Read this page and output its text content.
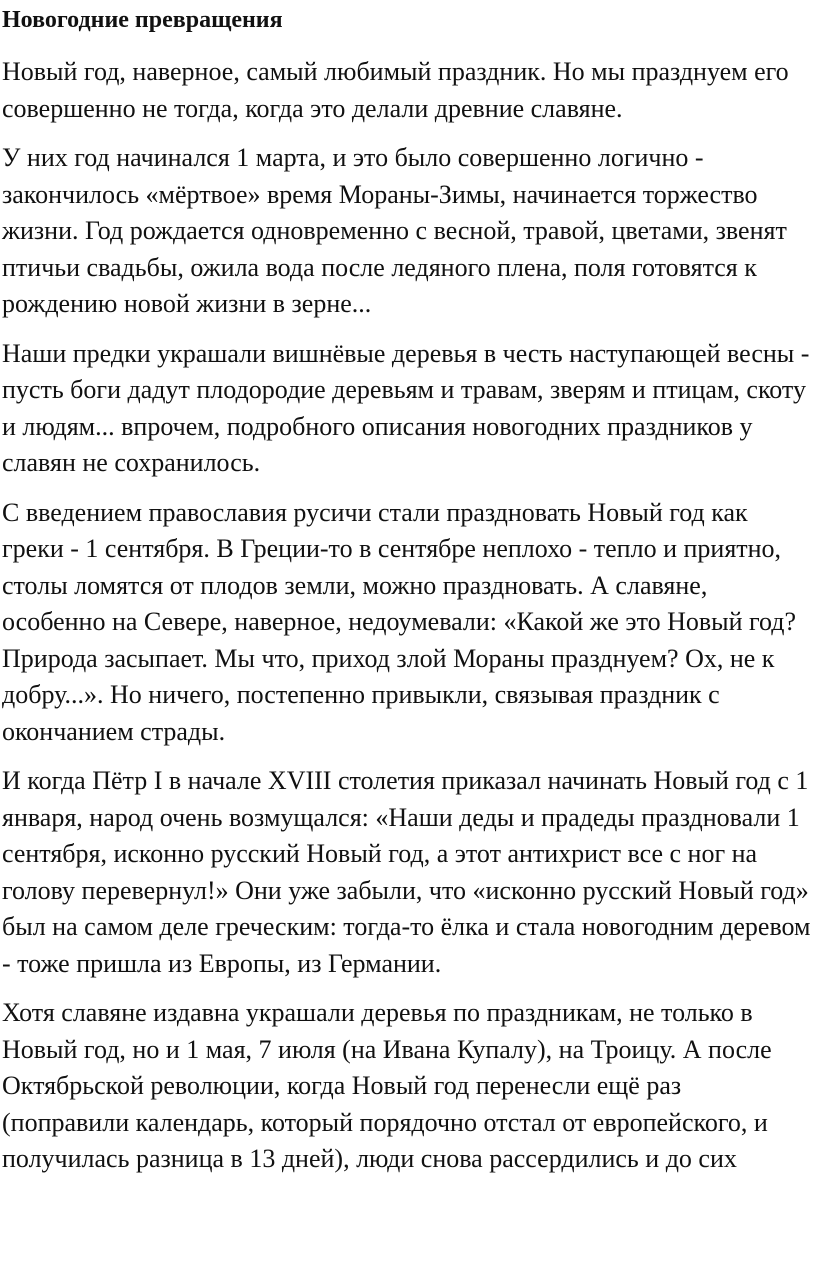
Новогодние превращения

Новый год, наверное, самый любимый праздник. Но мы празднуем его совершенно не тогда, когда это делали древние славяне.

У них год начинался 1 марта, и это было совершенно логично - закончилось «мёртвое» время Мораны-Зимы, начинается торжество жизни. Год рождается одновременно с весной, травой, цветами, звенят птичьи свадьбы, ожила вода после ледяного плена, поля готовятся к рождению новой жизни в зерне...

Наши предки украшали вишнёвые деревья в честь наступающей весны - пусть боги дадут плодородие деревьям и травам, зверям и птицам, скоту и людям... впрочем, подробного описания новогодних праздников у славян не сохранилось.

С введением православия русичи стали праздновать Новый год как греки - 1 сентября. В Греции-то в сентябре неплохо - тепло и приятно, столы ломятся от плодов земли, можно праздновать. А славяне, особенно на Севере, наверное, недоумевали: «Какой же это Новый год? Природа засыпает. Мы что, приход злой Мораны празднуем? Ох, не к добру...». Но ничего, постепенно привыкли, связывая праздник с окончанием страды.

И когда Пётр I в начале XVIII столетия приказал начинать Новый год с 1 января, народ очень возмущался: «Наши деды и прадеды праздновали 1 сентября, исконно русский Новый год, а этот антихрист все с ног на голову перевернул!» Они уже забыли, что «исконно русский Новый год» был на самом деле греческим: тогда-то ёлка и стала новогодним деревом - тоже пришла из Европы, из Германии.

Хотя славяне издавна украшали деревья по праздникам, не только в Новый год, но и 1 мая, 7 июля (на Ивана Купалу), на Троицу. А после Октябрьской революции, когда Новый год перенесли ещё раз (поправили календарь, который порядочно отстал от европейского, и получилась разница в 13 дней), люди снова рассердились и до сих
